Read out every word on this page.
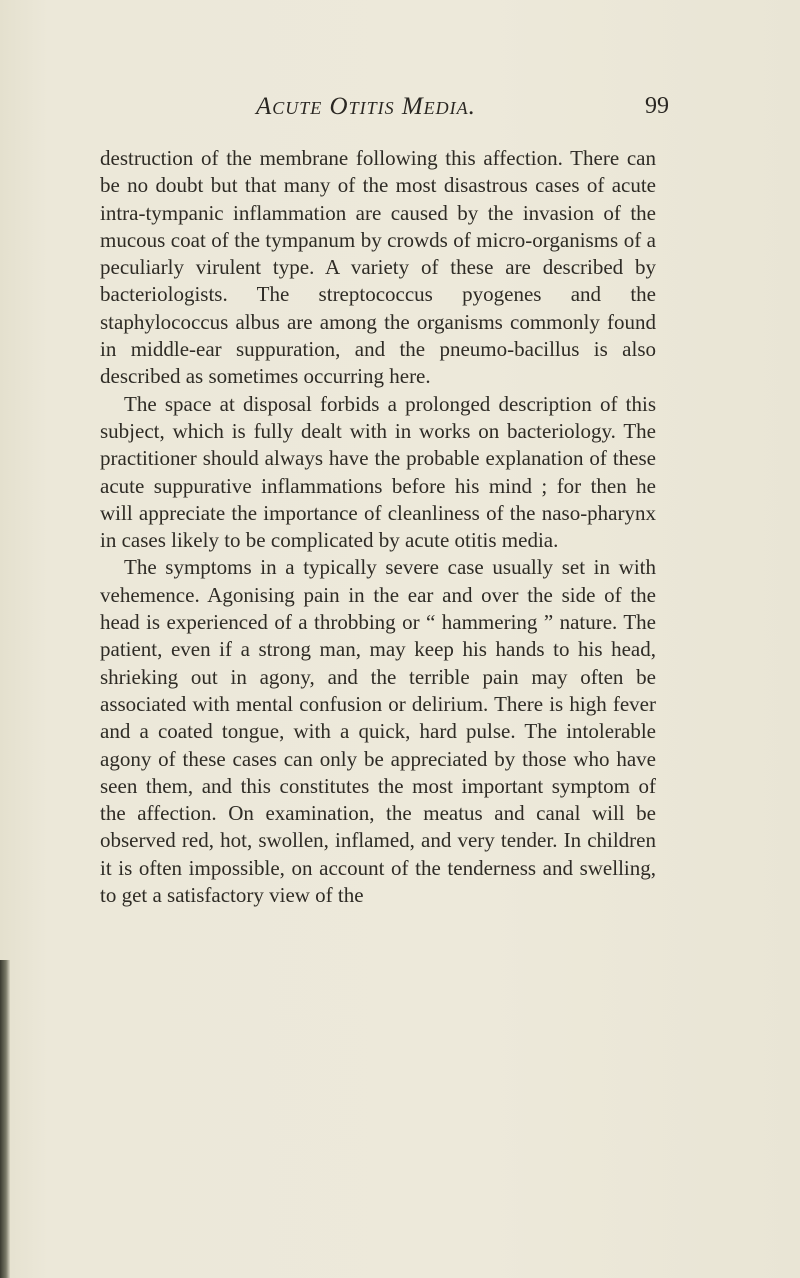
Acute Otitis Media.	99

destruction of the membrane following this affection. There can be no doubt but that many of the most disastrous cases of acute intra-tympanic inflammation are caused by the invasion of the mucous coat of the tympanum by crowds of micro-organisms of a peculiarly virulent type. A variety of these are described by bacteriologists. The streptococcus pyogenes and the staphylococcus albus are among the organisms commonly found in middle-ear suppuration, and the pneumo-bacillus is also described as sometimes occurring here.

The space at disposal forbids a prolonged description of this subject, which is fully dealt with in works on bacteriology. The practitioner should always have the probable explanation of these acute suppurative inflammations before his mind ; for then he will appreciate the importance of cleanliness of the naso-pharynx in cases likely to be complicated by acute otitis media.

The symptoms in a typically severe case usually set in with vehemence. Agonising pain in the ear and over the side of the head is experienced of a throbbing or “ hammering ” nature. The patient, even if a strong man, may keep his hands to his head, shrieking out in agony, and the terrible pain may often be associated with mental confusion or delirium. There is high fever and a coated tongue, with a quick, hard pulse. The intolerable agony of these cases can only be appreciated by those who have seen them, and this constitutes the most important symptom of the affection. On examination, the meatus and canal will be observed red, hot, swollen, inflamed, and very tender. In children it is often impossible, on account of the tenderness and swelling, to get a satisfactory view of the
